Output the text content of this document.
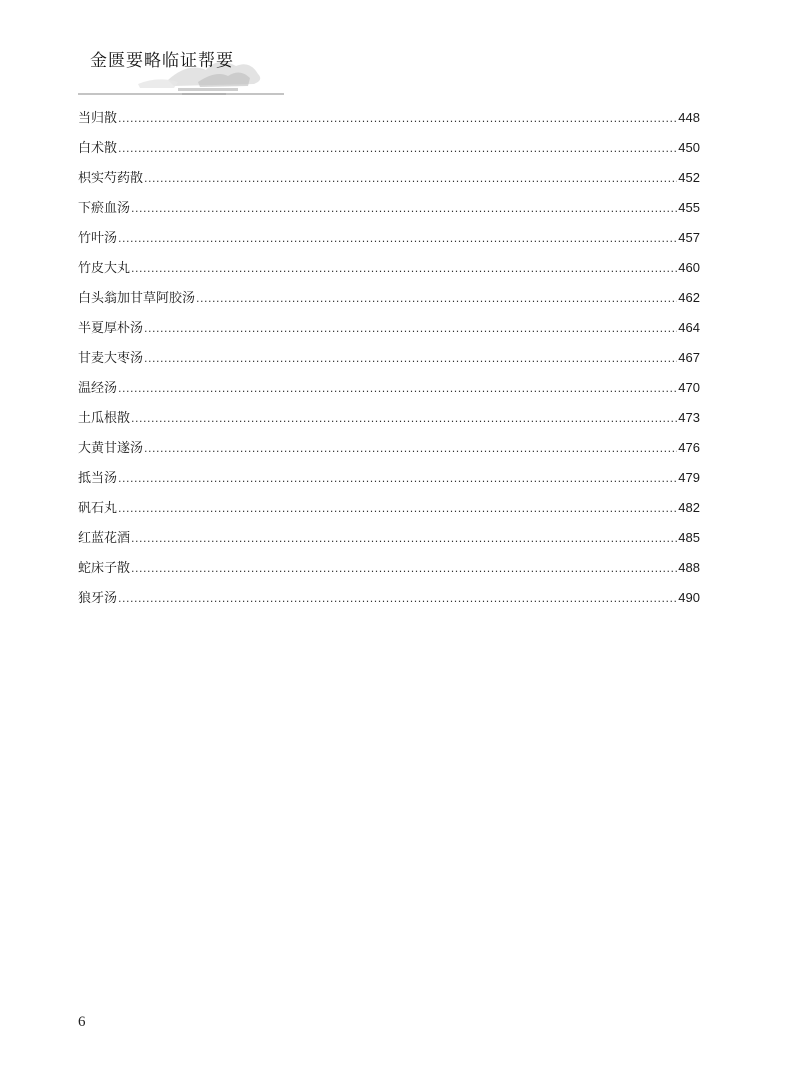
金匮要略临证帮要
当归散 .....	448
白术散 .....	450
枳实芍药散 .....	452
下瘀血汤 .....	455
竹叶汤 .....	457
竹皮大丸 .....	460
白头翁加甘草阿胶汤 .....	462
半夏厚朴汤 .....	464
甘麦大枣汤 .....	467
温经汤 .....	470
土瓜根散 .....	473
大黄甘遂汤 .....	476
抵当汤 .....	479
矾石丸 .....	482
红蓝花酒 .....	485
蛇床子散 .....	488
狼牙汤 .....	490
6
